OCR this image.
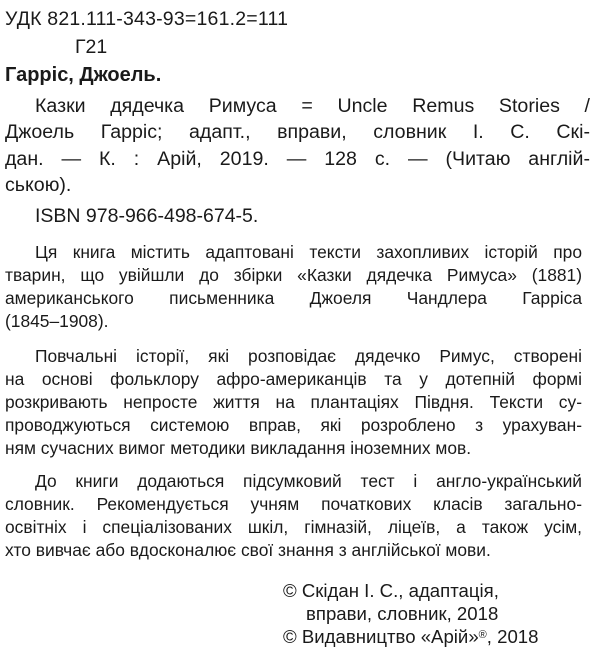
УДК 821.111-343-93=161.2=111
Г21
Гарріс, Джоель.
Казки дядечка Римуса = Uncle Remus Stories /
Джоель Гарріс; адапт., вправи, словник І. С. Скі-
дан. — К. : Арій, 2019. — 128 с. — (Читаю англій-
ською).
ISBN 978-966-498-674-5.
Ця книга містить адаптовані тексти захопливих історій про
тварин, що увійшли до збірки «Казки дядечка Римуса» (1881)
американського письменника Джоеля Чандлера Гарріса
(1845–1908).
Повчальні історії, які розповідає дядечко Римус, створені
на основі фольклору афро-американців та у дотепній формі
розкривають непросте життя на плантаціях Півдня. Тексти су-
проводжуються системою вправ, які розроблено з урахуван-
ням сучасних вимог методики викладання іноземних мов.
До книги додаються підсумковий тест і англо-український
словник. Рекомендується учням початкових класів загально-
освітніх і спеціалізованих шкіл, гімназій, ліцеїв, а також усім,
хто вивчає або вдосконалює свої знання з англійської мови.
© Скідан І. С., адаптація,
вправи, словник, 2018
© Видавництво «Арій»®, 2018
